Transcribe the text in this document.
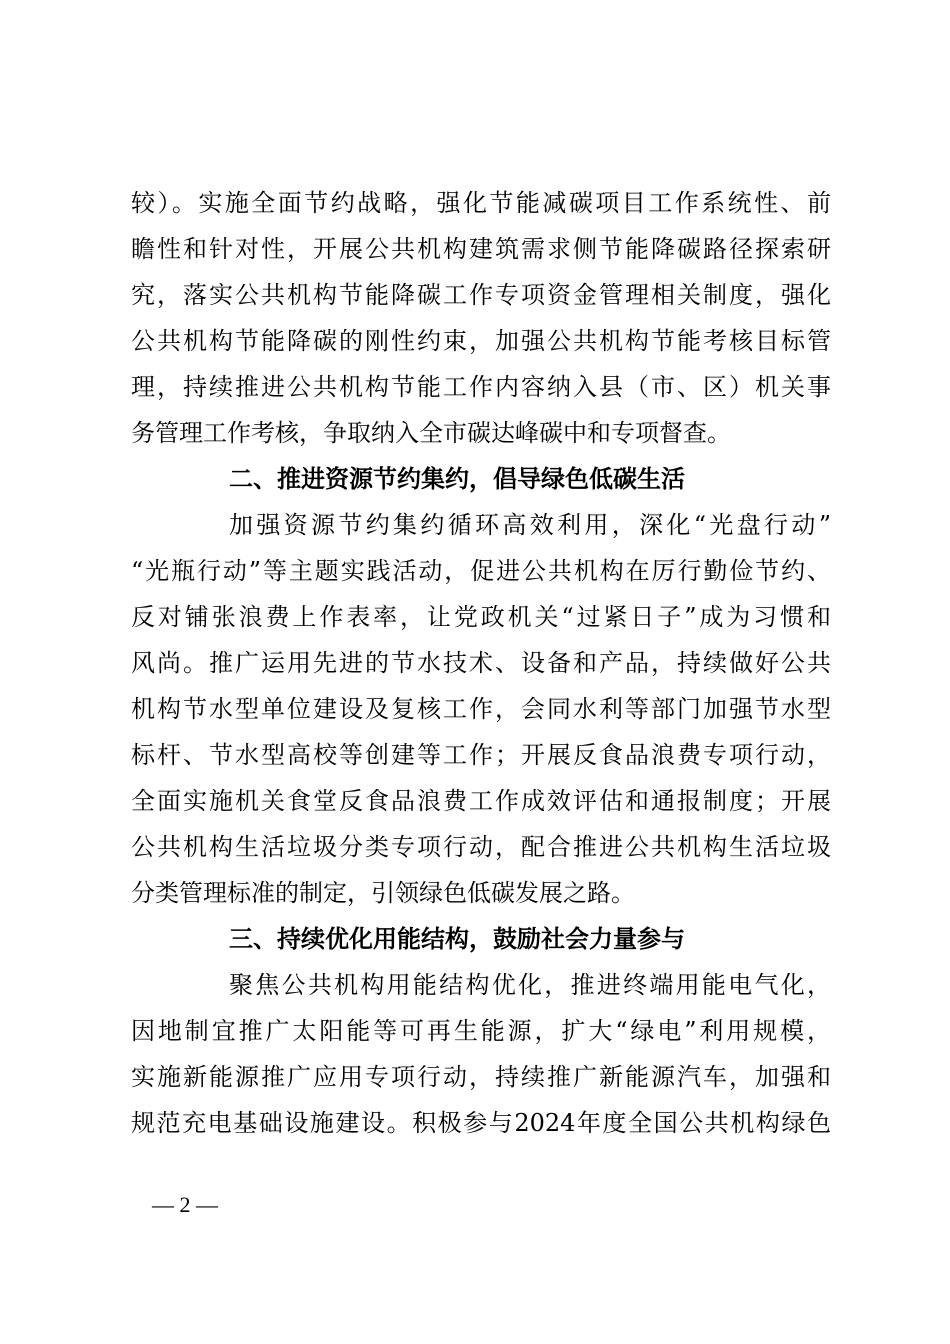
较）。实施全面节约战略，强化节能减碳项目工作系统性、前
瞻性和针对性，开展公共机构建筑需求侧节能降碳路径探索研
究，落实公共机构节能降碳工作专项资金管理相关制度，强化
公共机构节能降碳的刚性约束，加强公共机构节能考核目标管
理，持续推进公共机构节能工作内容纳入县（市、区）机关事
务管理工作考核，争取纳入全市碳达峰碳中和专项督查。
二、推进资源节约集约，倡导绿色低碳生活
加强资源节约集约循环高效利用，深化“光盘行动”
“光瓶行动”等主题实践活动，促进公共机构在厉行勤俭节约、
反对铺张浪费上作表率，让党政机关“过紧日子”成为习惯和
风尚。推广运用先进的节水技术、设备和产品，持续做好公共
机构节水型单位建设及复核工作，会同水利等部门加强节水型
标杆、节水型高校等创建等工作；开展反食品浪费专项行动，
全面实施机关食堂反食品浪费工作成效评估和通报制度；开展
公共机构生活垃圾分类专项行动，配合推进公共机构生活垃圾
分类管理标准的制定，引领绿色低碳发展之路。
三、持续优化用能结构，鼓励社会力量参与
聚焦公共机构用能结构优化，推进终端用能电气化，
因地制宜推广太阳能等可再生能源，扩大“绿电”利用规模，
实施新能源推广应用专项行动，持续推广新能源汽车，加强和
规范充电基础设施建设。积极参与2024年度全国公共机构绿色
— 2 —
